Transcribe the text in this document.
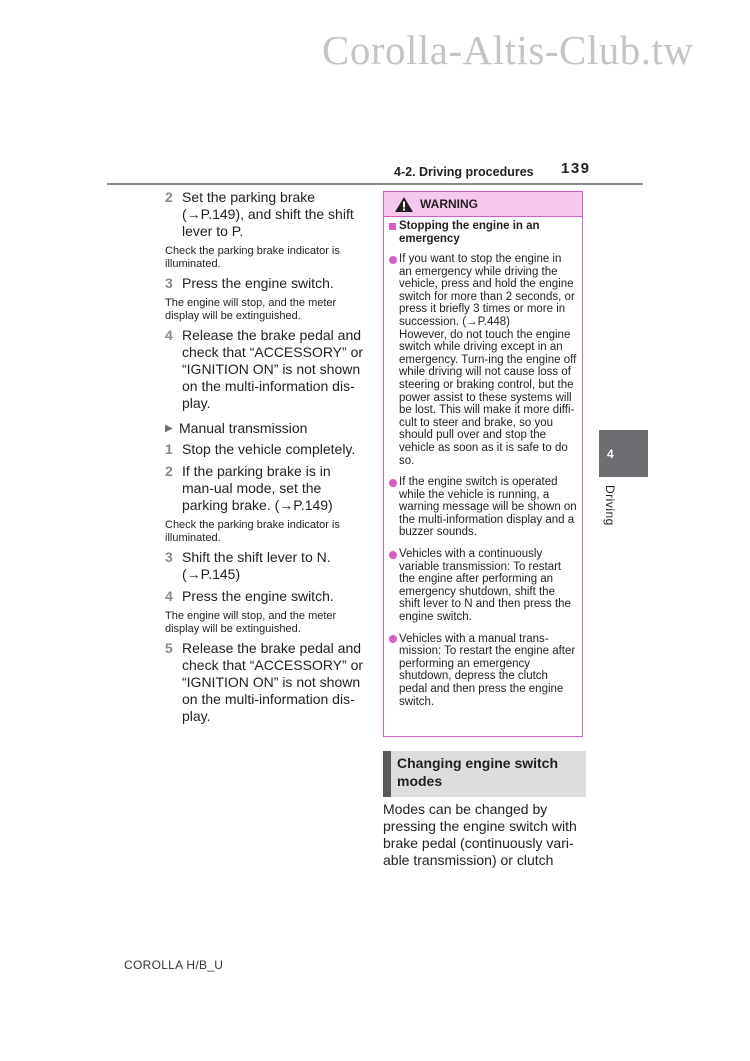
Corolla-Altis-Club.tw
4-2. Driving procedures 139
2 Set the parking brake (→P.149), and shift the shift lever to P.
Check the parking brake indicator is illuminated.
3 Press the engine switch.
The engine will stop, and the meter display will be extinguished.
4 Release the brake pedal and check that “ACCESSORY” or “IGNITION ON” is not shown on the multi-information dis-play.
▶ Manual transmission
1 Stop the vehicle completely.
2 If the parking brake is in man-ual mode, set the parking brake. (→P.149)
Check the parking brake indicator is illuminated.
3 Shift the shift lever to N. (→P.145)
4 Press the engine switch.
The engine will stop, and the meter display will be extinguished.
5 Release the brake pedal and check that “ACCESSORY” or “IGNITION ON” is not shown on the multi-information dis-play.
WARNING
Stopping the engine in an emergency
If you want to stop the engine in an emergency while driving the vehicle, press and hold the engine switch for more than 2 seconds, or press it briefly 3 times or more in succession. (→P.448)
However, do not touch the engine switch while driving except in an emergency. Turn-ing the engine off while driving will not cause loss of steering or braking control, but the power assist to these systems will be lost. This will make it more diffi-cult to steer and brake, so you should pull over and stop the vehicle as soon as it is safe to do so.
If the engine switch is operated while the vehicle is running, a warning message will be shown on the multi-information display and a buzzer sounds.
Vehicles with a continuously variable transmission: To restart the engine after performing an emergency shutdown, shift the shift lever to N and then press the engine switch.
Vehicles with a manual trans-mission: To restart the engine after performing an emergency shutdown, depress the clutch pedal and then press the engine switch.
4
Driving
Changing engine switch modes
Modes can be changed by pressing the engine switch with brake pedal (continuously vari-able transmission) or clutch
COROLLA H/B_U
